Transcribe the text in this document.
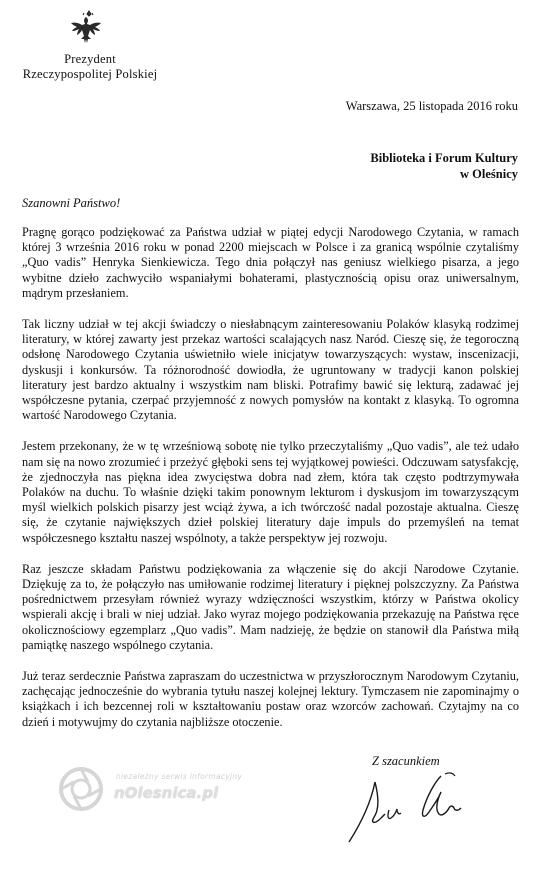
Prezydent
Rzeczypospolitej Polskiej
Warszawa, 25 listopada 2016 roku
Biblioteka i Forum Kultury
w Oleśnicy
Szanowni Państwo!

Pragnę gorąco podziękować za Państwa udział w piątej edycji Narodowego Czytania, w ramach której 3 września 2016 roku w ponad 2200 miejscach w Polsce i za granicą wspólnie czytaliśmy „Quo vadis” Henryka Sienkiewicza. Tego dnia połączył nas geniusz wielkiego pisarza, a jego wybitne dzieło zachwyciło wspaniałymi bohaterami, plastycznością opisu oraz uniwersalnym, mądrym przesłaniem.

Tak liczny udział w tej akcji świadczy o niesłabnącym zainteresowaniu Polaków klasyką rodzimej literatury, w której zawarty jest przekaz wartości scalających nasz Naród. Cieszę się, że tegoroczną odsłonę Narodowego Czytania uświetniło wiele inicjatyw towarzyszących: wystaw, inscenizacji, dyskusji i konkursów. Ta różnorodność dowiodła, że ugruntowany w tradycji kanon polskiej literatury jest bardzo aktualny i wszystkim nam bliski. Potrafimy bawić się lekturą, zadawać jej współczesne pytania, czerpać przyjemność z nowych pomysłów na kontakt z klasyką. To ogromna wartość Narodowego Czytania.

Jestem przekonany, że w tę wrześniową sobotę nie tylko przeczytaliśmy „Quo vadis”, ale też udało nam się na nowo zrozumieć i przeżyć głęboki sens tej wyjątkowej powieści. Odczuwam satysfakcję, że zjednoczyła nas piękna idea zwycięstwa dobra nad złem, która tak często podtrzymywała Polaków na duchu. To właśnie dzięki takim ponownym lekturom i dyskusjom im towarzyszącym myśl wielkich polskich pisarzy jest wciąż żywa, a ich twórczość nadal pozostaje aktualna. Cieszę się, że czytanie największych dzieł polskiej literatury daje impuls do przemyśleń na temat współczesnego kształtu naszej wspólnoty, a także perspektyw jej rozwoju.

Raz jeszcze składam Państwu podziękowania za włączenie się do akcji Narodowe Czytanie. Dziękuję za to, że połączyło nas umiłowanie rodzimej literatury i pięknej polszczyzny. Za Państwa pośrednictwem przesyłam również wyrazy wdzięczności wszystkim, którzy w Państwa okolicy wspierali akcję i brali w niej udział. Jako wyraz mojego podziękowania przekazuję na Państwa ręce okolicznościowy egzemplarz „Quo vadis”. Mam nadzieję, że będzie on stanowił dla Państwa miłą pamiątkę naszego wspólnego czytania.

Już teraz serdecznie Państwa zapraszam do uczestnictwa w przyszłorocznym Narodowym Czytaniu, zachęcając jednocześnie do wybrania tytułu naszej kolejnej lektury. Tymczasem nie zapominajmy o książkach i ich bezcennej roli w kształtowaniu postaw oraz wzorców zachowań. Czytajmy na co dzień i motywujmy do czytania najbliższe otoczenie.

Z szacunkiem
niezależny serwis informacyjny
nOlesnica.pl
